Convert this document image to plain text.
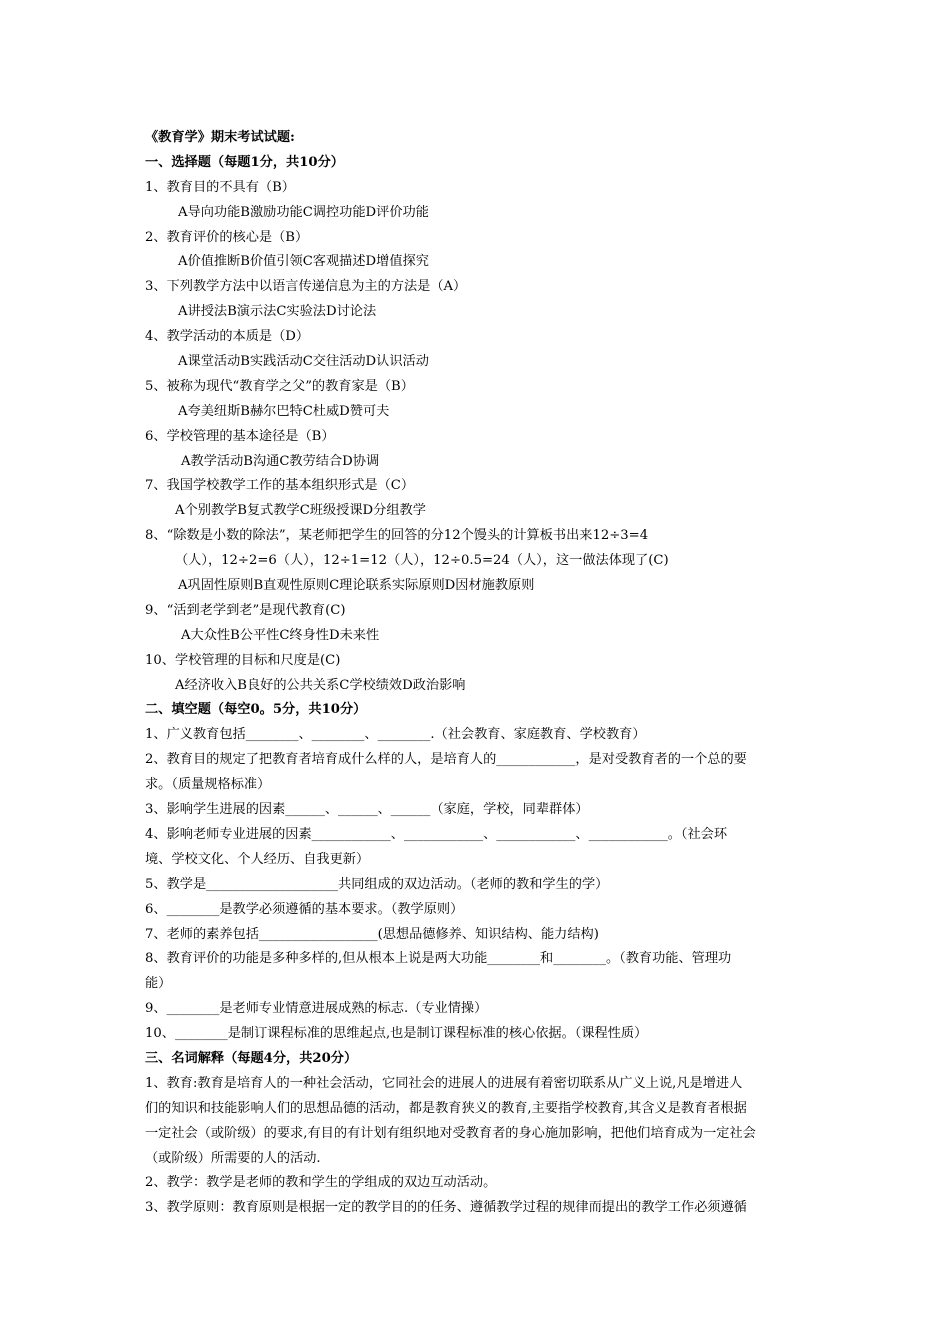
《教育学》期末考试试题:
一、选择题（每题1分，共10分）
1、教育目的不具有（B）
A导向功能B激励功能C调控功能D评价功能
2、教育评价的核心是（B）
A价值推断B价值引领C客观描述D增值探究
3、下列教学方法中以语言传递信息为主的方法是（A）
A讲授法B演示法C实验法D讨论法
4、教学活动的本质是（D）
A课堂活动B实践活动C交往活动D认识活动
5、被称为现代“教育学之父”的教育家是（B）
A夸美纽斯B赫尔巴特C杜威D赞可夫
6、学校管理的基本途径是（B）
A教学活动B沟通C教劳结合D协调
7、我国学校教学工作的基本组织形式是（C）
A个别教学B复式教学C班级授课D分组教学
8、“除数是小数的除法”，某老师把学生的回答的分12个馒头的计算板书出来12÷3=4
（人），12÷2=6（人），12÷1=12（人），12÷0.5=24（人），这一做法体现了(C)
A巩固性原则B直观性原则C理论联系实际原则D因材施教原则
9、“活到老学到老”是现代教育(C)
A大众性B公平性C终身性D未来性
10、学校管理的目标和尺度是(C)
A经济收入B良好的公共关系C学校绩效D政治影响
二、填空题（每空0。5分，共10分）
1、广义教育包括________、________、________.（社会教育、家庭教育、学校教育）
2、教育目的规定了把教育者培育成什么样的人，是培育人的____________，是对受教育者的一个总的要
求。（质量规格标准）
3、影响学生进展的因素______、______、______（家庭，学校，同辈群体）
4、影响老师专业进展的因素____________、____________、____________、____________。（社会环
境、学校文化、个人经历、自我更新）
5、教学是____________________共同组成的双边活动。（老师的教和学生的学）
6、________是教学必须遵循的基本要求。（教学原则）
7、老师的素养包括__________________(思想品德修养、知识结构、能力结构)
8、教育评价的功能是多种多样的,但从根本上说是两大功能________和________。（教育功能、管理功
能）
9、________是老师专业情意进展成熟的标志.（专业情操）
10、________是制订课程标准的思维起点,也是制订课程标准的核心依据。（课程性质）
三、名词解释（每题4分，共20分）
1、教育:教育是培育人的一种社会活动，它同社会的进展人的进展有着密切联系从广义上说,凡是增进人
们的知识和技能影响人们的思想品德的活动，都是教育狭义的教育,主要指学校教育,其含义是教育者根据
一定社会（或阶级）的要求,有目的有计划有组织地对受教育者的身心施加影响，把他们培育成为一定社会
（或阶级）所需要的人的活动.
2、教学：教学是老师的教和学生的学组成的双边互动活动。
3、教学原则：教育原则是根据一定的教学目的的任务、遵循教学过程的规律而提出的教学工作必须遵循
